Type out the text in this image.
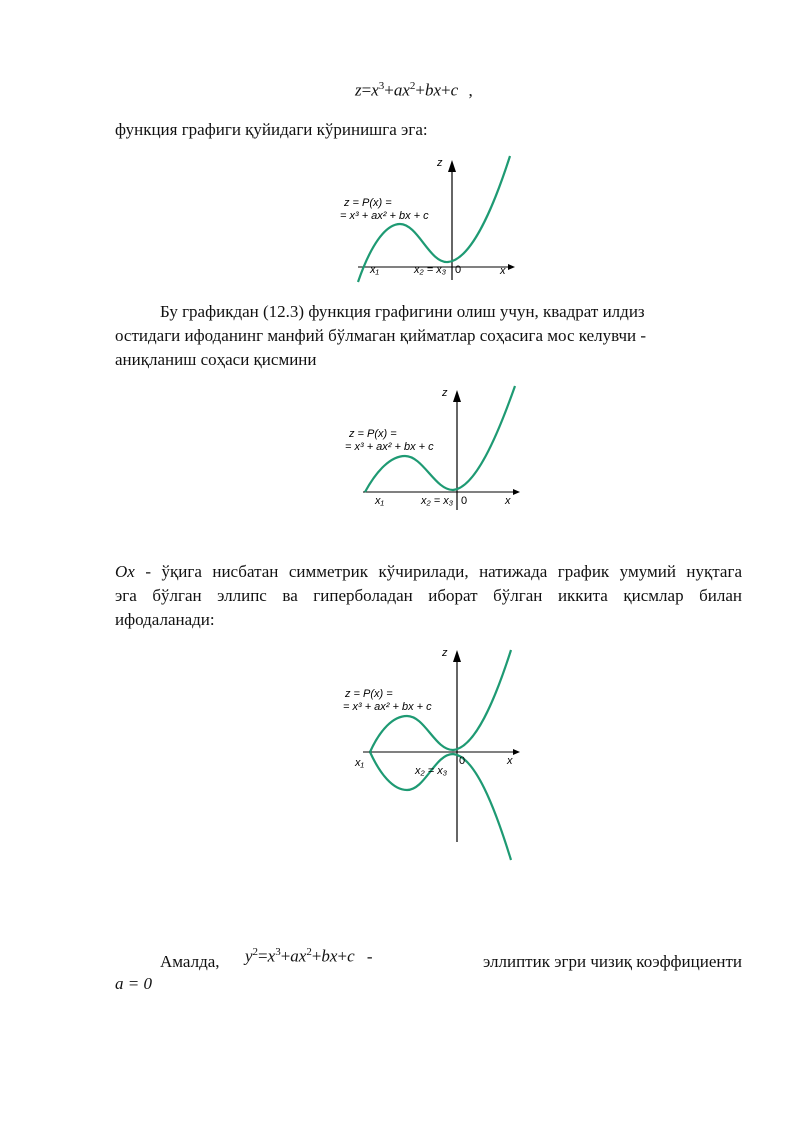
$z=x^3+ax^2+bx+c$ ,
функция графиги қуйидаги кўринишга эга:
z
x
z = P(x) =
= x³ + ax² + bx + c
x₁	x₂ = x₃ 0
Бу графикдан (12.3) функция графигини олиш учун, квадрат илдиз
остидаги ифоданинг манфий бўлмаган қийматлар соҳасига мос келувчи -
аниқланиш соҳаси қисмини
z
x
z = P(x) =
= x³ + ax² + bx + c
x₁	x₂ = x₃ 0
Ox - ўқига нисбатан симметрик кўчирилади, натижада график умумий нуқтага
эга бўлган эллипс ва гиперболадан иборат бўлган иккита қисмлар билан
ифодаланади:
z
x
z = P(x) =
= x³ + ax² + bx + c
x₁
x₂ = x₃
0
Амалда, $y^2=x^3+ax^2+bx+c$ -	эллиптик эгри чизиқ коэффициенти
a = 0
